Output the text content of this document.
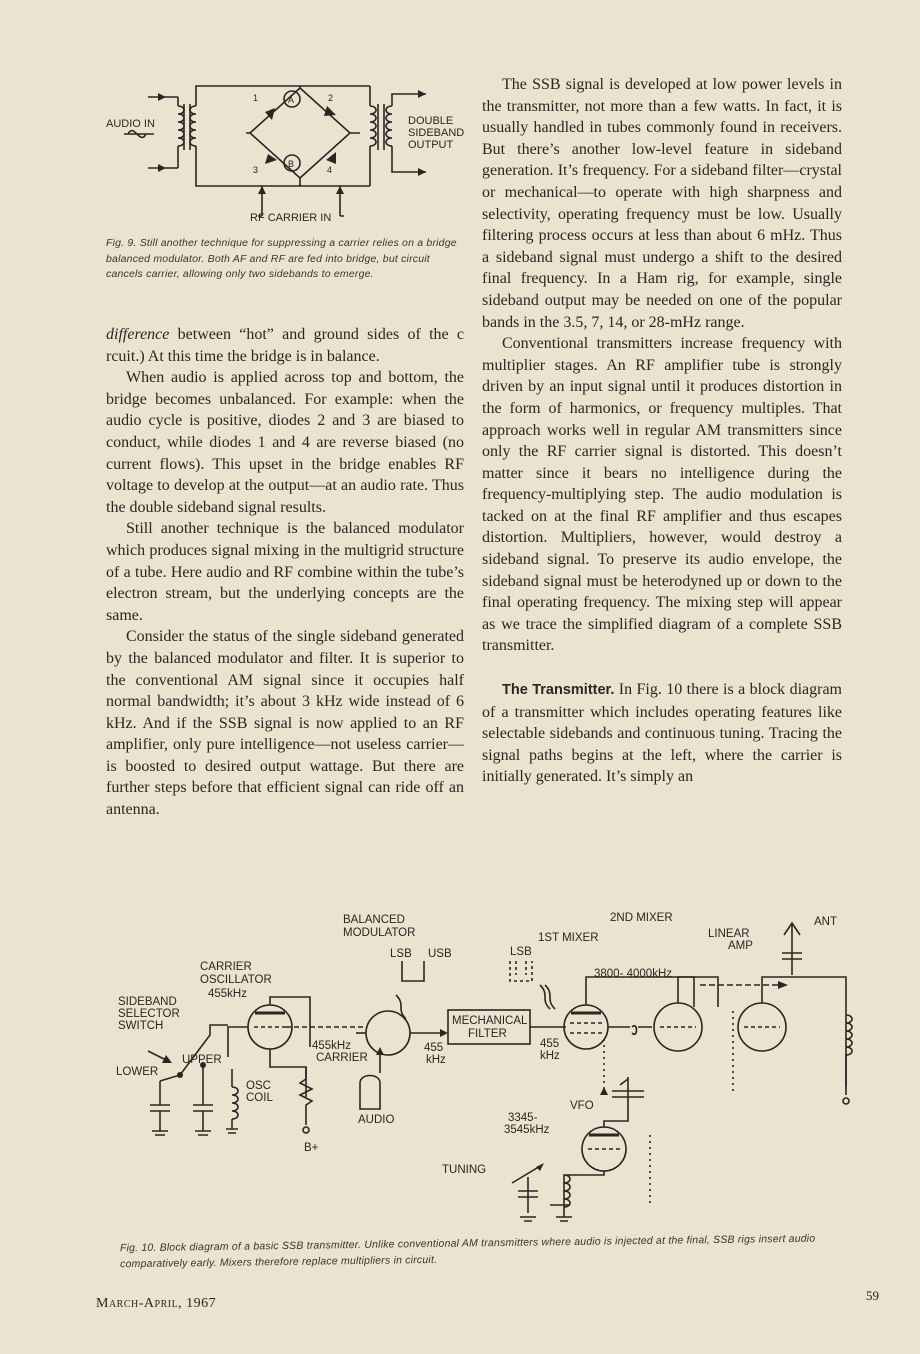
AUDIO IN
1	2
3	4
A
B
DOUBLE
SIDEBAND
OUTPUT
RF CARRIER IN
Fig. 9. Still another technique for suppressing a carrier relies on a bridge balanced modulator. Both AF and RF are fed into bridge, but circuit cancels carrier, allowing only two sidebands to emerge.

difference between “hot” and ground sides of the c rcuit.) At this time the bridge is in balance.

When audio is applied across top and bottom, the bridge becomes unbalanced. For example: when the audio cycle is positive, diodes 2 and 3 are biased to conduct, while diodes 1 and 4 are reverse biased (no current flows). This upset in the bridge enables RF voltage to develop at the output—at an audio rate. Thus the double sideband signal results.

Still another technique is the balanced modulator which produces signal mixing in the multigrid structure of a tube. Here audio and RF combine within the tube’s electron stream, but the underlying concepts are the same.

Consider the status of the single sideband generated by the balanced modulator and filter. It is superior to the conventional AM signal since it occupies half normal bandwidth; it’s about 3 kHz wide instead of 6 kHz. And if the SSB signal is now applied to an RF amplifier, only pure intelligence—not useless carrier—is boosted to desired output wattage. But there are further steps before that efficient signal can ride off an antenna.

The SSB signal is developed at low power levels in the transmitter, not more than a few watts. In fact, it is usually handled in tubes commonly found in receivers. But there’s another low-level feature in sideband generation. It’s frequency. For a sideband filter—crystal or mechanical—to operate with high sharpness and selectivity, operating frequency must be low. Usually filtering process occurs at less than about 6 mHz. Thus a sideband signal must undergo a shift to the desired final frequency. In a Ham rig, for example, single sideband output may be needed on one of the popular bands in the 3.5, 7, 14, or 28-mHz range.

Conventional transmitters increase frequency with multiplier stages. An RF amplifier tube is strongly driven by an input signal until it produces distortion in the form of harmonics, or frequency multiples. That approach works well in regular AM transmitters since only the RF carrier signal is distorted. This doesn’t matter since it bears no intelligence during the frequency-multiplying step. The audio modulation is tacked on at the final RF amplifier and thus escapes distortion. Multipliers, however, would destroy a sideband signal. To preserve its audio envelope, the sideband signal must be heterodyned up or down to the final operating frequency. The mixing step will appear as we trace the simplified diagram of a complete SSB transmitter.

The Transmitter. In Fig. 10 there is a block diagram of a transmitter which includes operating features like selectable sidebands and continuous tuning. Tracing the signal paths begins at the left, where the carrier is initially generated. It’s simply an

BALANCED
MODULATOR
LSB USB
CARRIER
OSCILLATOR
455kHz
SIDEBAND
SELECTOR
SWITCH
UPPER
LOWER
OSC
COIL
B+
455kHz
CARRIER
AUDIO
455
kHz
MECHANICAL
FILTER
455
kHz
1ST MIXER
LSB
2ND MIXER
LINEAR
AMP
ANT
3800- 4000kHz
VFO
3345-
3545kHz
TUNING
Fig. 10. Block diagram of a basic SSB transmitter. Unlike conventional AM transmitters where audio is injected at the final, SSB rigs insert audio comparatively early. Mixers therefore replace multipliers in circuit.
March-April, 1967
59
